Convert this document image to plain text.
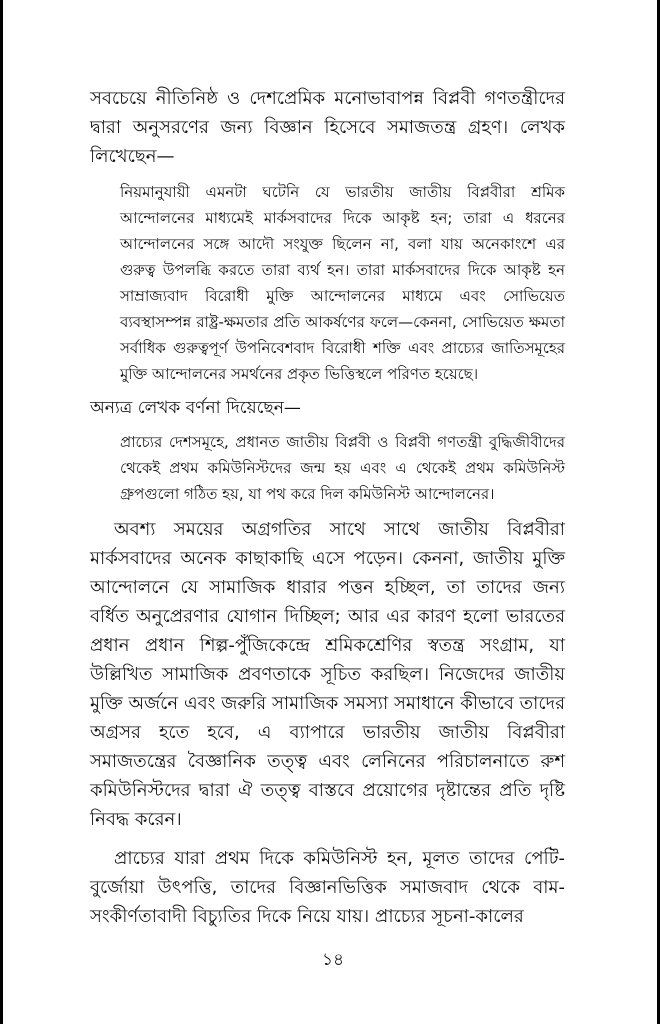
সবচেয়ে নীতিনিষ্ঠ ও দেশপ্রেমিক মনোভাবাপন্ন বিপ্লবী গণতন্ত্রীদের দ্বারা অনুসরণের জন্য বিজ্ঞান হিসেবে সমাজতন্ত্র গ্রহণ। লেখক লিখেছেন—

নিয়মানুযায়ী এমনটা ঘটেনি যে ভারতীয় জাতীয় বিপ্লবীরা শ্রমিক আন্দোলনের মাধ্যমেই মার্কসবাদের দিকে আকৃষ্ট হন; তারা এ ধরনের আন্দোলনের সঙ্গে আদৌ সংযুক্ত ছিলেন না, বলা যায় অনেকাংশে এর গুরুত্ব উপলব্ধি করতে তারা ব্যর্থ হন। তারা মার্কসবাদের দিকে আকৃষ্ট হন সাম্রাজ্যবাদ বিরোধী মুক্তি আন্দোলনের মাধ্যমে এবং সোভিয়েত ব্যবস্থাসম্পন্ন রাষ্ট্র-ক্ষমতার প্রতি আকর্ষণের ফলে—কেননা, সোভিয়েত ক্ষমতা সর্বাধিক গুরুত্বপূর্ণ উপনিবেশবাদ বিরোধী শক্তি এবং প্রাচ্যের জাতিসমূহের মুক্তি আন্দোলনের সমর্থনের প্রকৃত ভিত্তিস্থলে পরিণত হয়েছে।

অন্যত্র লেখক বর্ণনা দিয়েছেন—

প্রাচ্যের দেশসমূহে, প্রধানত জাতীয় বিপ্লবী ও বিপ্লবী গণতন্ত্রী বুদ্ধিজীবীদের থেকেই প্রথম কমিউনিস্টদের জন্ম হয় এবং এ থেকেই প্রথম কমিউনিস্ট গ্রুপগুলো গঠিত হয়, যা পথ করে দিল কমিউনিস্ট আন্দোলনের।

অবশ্য সময়ের অগ্রগতির সাথে সাথে জাতীয় বিপ্লবীরা মার্কসবাদের অনেক কাছাকাছি এসে পড়েন। কেননা, জাতীয় মুক্তি আন্দোলনে যে সামাজিক ধারার পত্তন হচ্ছিল, তা তাদের জন্য বর্ধিত অনুপ্রেরণার যোগান দিচ্ছিল; আর এর কারণ হলো ভারতের প্রধান প্রধান শিল্প-পুঁজিকেন্দ্রে শ্রমিকশ্রেণির স্বতন্ত্র সংগ্রাম, যা উল্লিখিত সামাজিক প্রবণতাকে সূচিত করছিল। নিজেদের জাতীয় মুক্তি অর্জনে এবং জরুরি সামাজিক সমস্যা সমাধানে কীভাবে তাদের অগ্রসর হতে হবে, এ ব্যাপারে ভারতীয় জাতীয় বিপ্লবীরা সমাজতন্ত্রের বৈজ্ঞানিক তত্ত্ব এবং লেনিনের পরিচালনাতে রুশ কমিউনিস্টদের দ্বারা ঐ তত্ত্ব বাস্তবে প্রয়োগের দৃষ্টান্তের প্রতি দৃষ্টি নিবদ্ধ করেন।

প্রাচ্যের যারা প্রথম দিকে কমিউনিস্ট হন, মূলত তাদের পেটি-বুর্জোয়া উৎপত্তি, তাদের বিজ্ঞানভিত্তিক সমাজবাদ থেকে বাম-সংকীর্ণতাবাদী বিচ্যুতির দিকে নিয়ে যায়। প্রাচ্যের সূচনা-কালের

১৪
